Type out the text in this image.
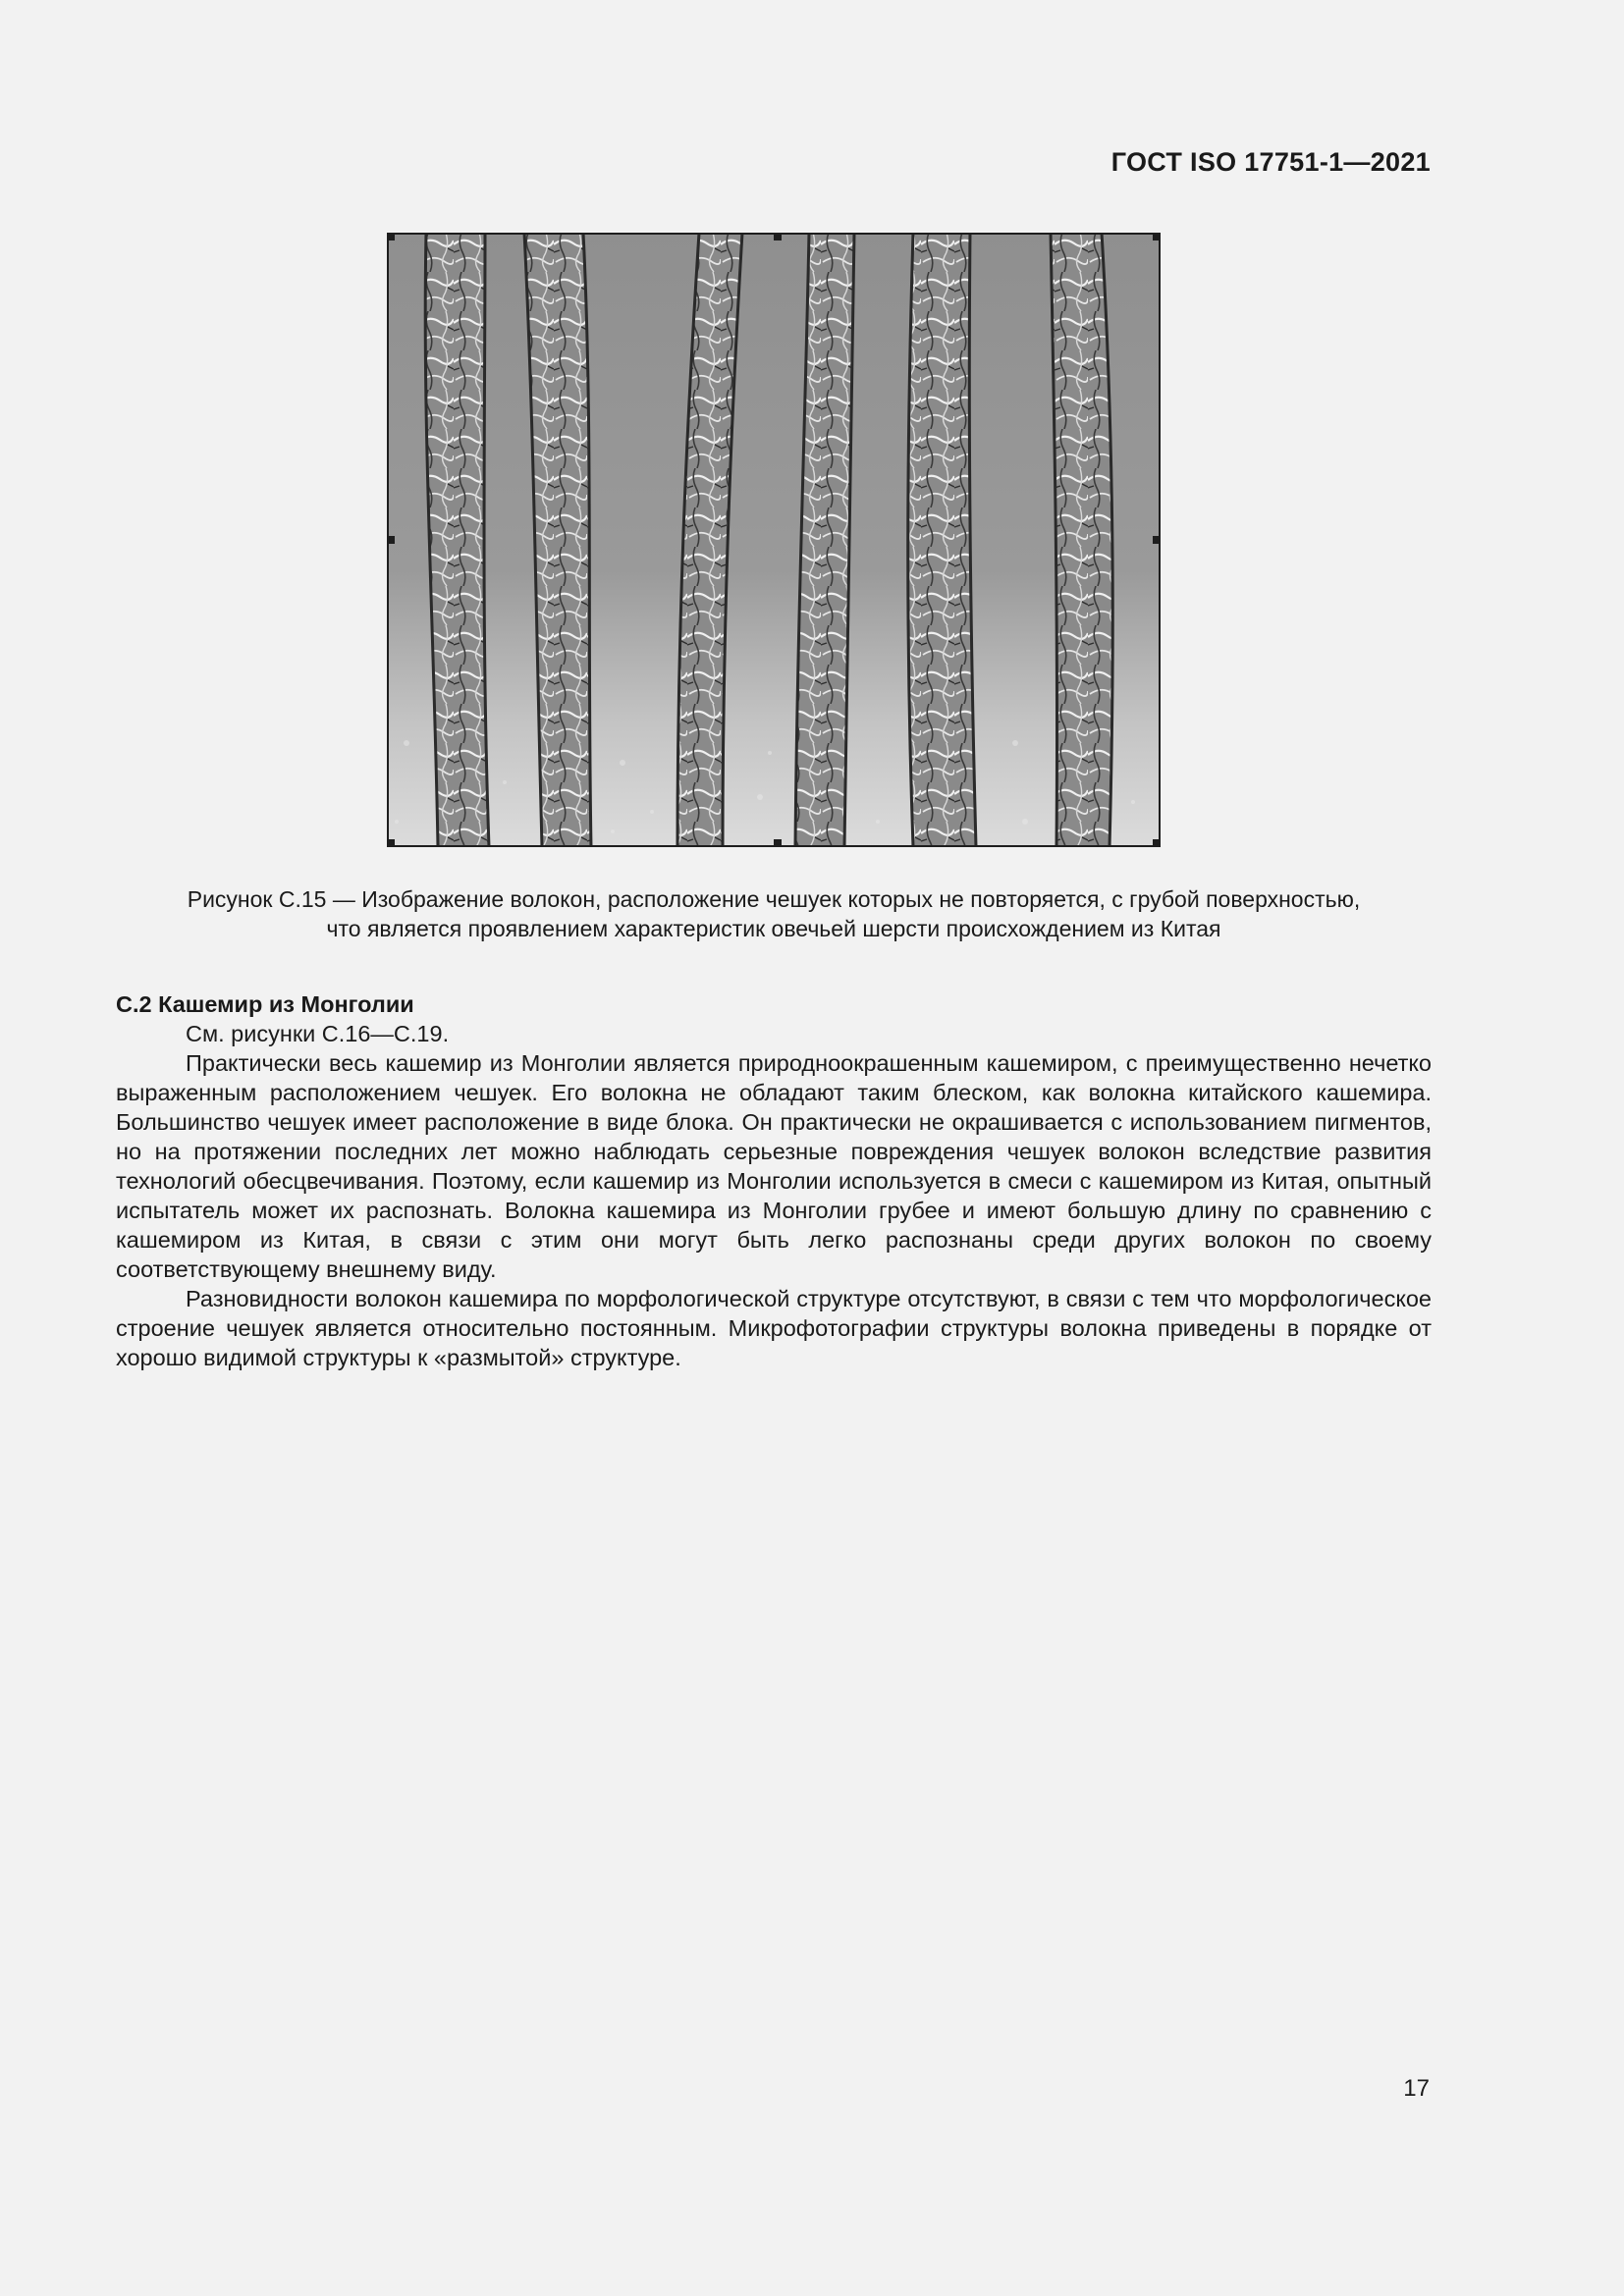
ГОСТ ISO 17751-1—2021

Рисунок С.15 — Изображение волокон, расположение чешуек которых не повторяется, с грубой поверхностью,

что является проявлением характеристик овечьей шерсти происхождением из Китая

С.2 Кашемир из Монголии

См. рисунки С.16—С.19.

Практически весь кашемир из Монголии является природноокрашенным кашемиром, с преимущественно нечетко выраженным расположением чешуек. Его волокна не обладают таким блеском, как волокна китайского кашемира. Большинство чешуек имеет расположение в виде блока. Он практически не окрашивается с использованием пигментов, но на протяжении последних лет можно наблюдать серьезные повреждения чешуек волокон вследствие развития технологий обесцвечивания. Поэтому, если кашемир из Монголии используется в смеси с кашемиром из Китая, опытный испытатель может их распознать. Волокна кашемира из Монголии грубее и имеют большую длину по сравнению с кашемиром из Китая, в связи с этим они могут быть легко распознаны среди других волокон по своему соответствующему внешнему виду.

Разновидности волокон кашемира по морфологической структуре отсутствуют, в связи с тем что морфологическое строение чешуек является относительно постоянным. Микрофотографии структуры волокна приведены в порядке от хорошо видимой структуры к «размытой» структуре.

17
